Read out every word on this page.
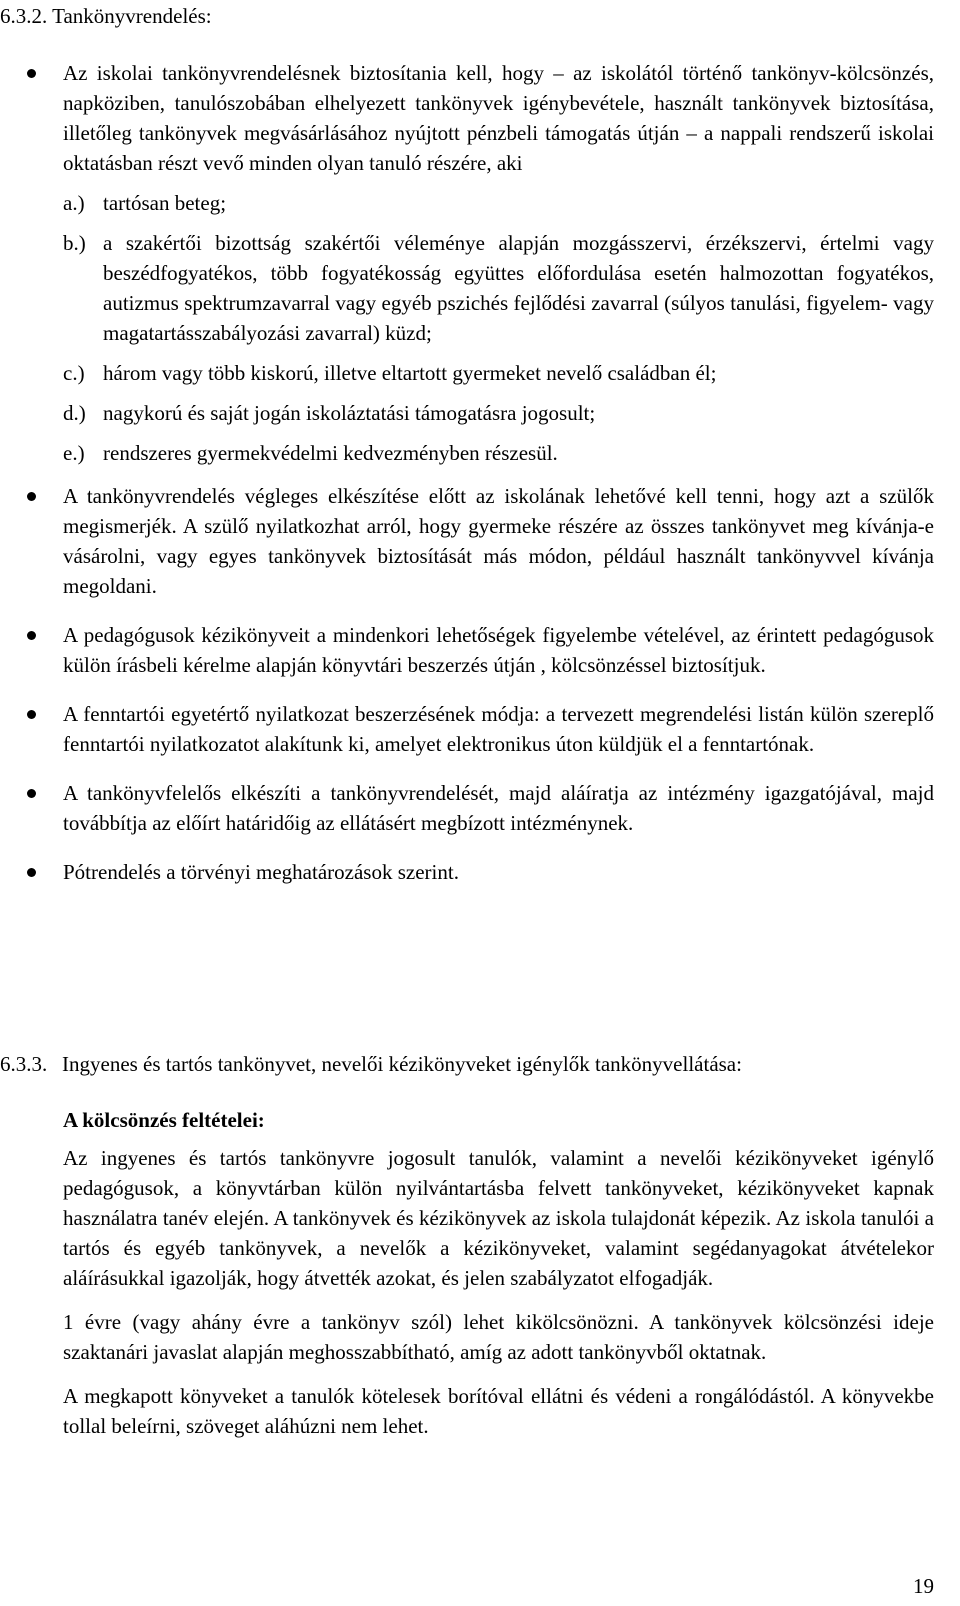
6.3.2. Tankönyvrendelés:

Az iskolai tankönyvrendelésnek biztosítania kell, hogy – az iskolától történő tankönyv-kölcsönzés, napköziben, tanulószobában elhelyezett tankönyvek igénybevétele, használt tankönyvek biztosítása, illetőleg tankönyvek megvásárlásához nyújtott pénzbeli támogatás útján – a nappali rendszerű iskolai oktatásban részt vevő minden olyan tanuló részére, aki

a.) tartósan beteg;
b.) a szakértői bizottság szakértői véleménye alapján mozgásszervi, érzékszervi, értelmi vagy beszédfogyatékos, több fogyatékosság együttes előfordulása esetén halmozottan fogyatékos, autizmus spektrumzavarral vagy egyéb pszichés fejlődési zavarral (súlyos tanulási, figyelem- vagy magatartásszabályozási zavarral) küzd;
c.) három vagy több kiskorú, illetve eltartott gyermeket nevelő családban él;
d.) nagykorú és saját jogán iskoláztatási támogatásra jogosult;
e.) rendszeres gyermekvédelmi kedvezményben részesül.

A tankönyvrendelés végleges elkészítése előtt az iskolának lehetővé kell tenni, hogy azt a szülők megismerjék. A szülő nyilatkozhat arról, hogy gyermeke részére az összes tankönyvet meg kívánja-e vásárolni, vagy egyes tankönyvek biztosítását más módon, például használt tankönyvvel kívánja megoldani.

A pedagógusok kézikönyveit a mindenkori lehetőségek figyelembe vételével, az érintett pedagógusok külön írásbeli kérelme alapján könyvtári beszerzés útján , kölcsönzéssel biztosítjuk.

A fenntartói egyetértő nyilatkozat beszerzésének módja: a tervezett megrendelési listán külön szereplő fenntartói nyilatkozatot alakítunk ki, amelyet elektronikus úton küldjük el a fenntartónak.

A tankönyvfelelős elkészíti a tankönyvrendelését, majd aláíratja az intézmény igazgatójával, majd továbbítja az előírt határidőig az ellátásért megbízott intézménynek.

Pótrendelés a törvényi meghatározások szerint.

6.3.3. Ingyenes és tartós tankönyvet, nevelői kézikönyveket igénylők tankönyvellátása:
A kölcsönzés feltételei:

Az ingyenes és tartós tankönyvre jogosult tanulók, valamint a nevelői kézikönyveket igénylő pedagógusok, a könyvtárban külön nyilvántartásba felvett tankönyveket, kézikönyveket kapnak használatra tanév elején. A tankönyvek és kézikönyvek az iskola tulajdonát képezik. Az iskola tanulói a tartós és egyéb tankönyvek, a nevelők a kézikönyveket, valamint segédanyagokat átvételekor aláírásukkal igazolják, hogy átvették azokat, és jelen szabályzatot elfogadják.

1 évre (vagy ahány évre a tankönyv szól) lehet kikölcsönözni. A tankönyvek kölcsönzési ideje szaktanári javaslat alapján meghosszabbítható, amíg az adott tankönyvből oktatnak.

A megkapott könyveket a tanulók kötelesek borítóval ellátni és védeni a rongálódástól. A könyvekbe tollal beleírni, szöveget aláhúzni nem lehet.

19
